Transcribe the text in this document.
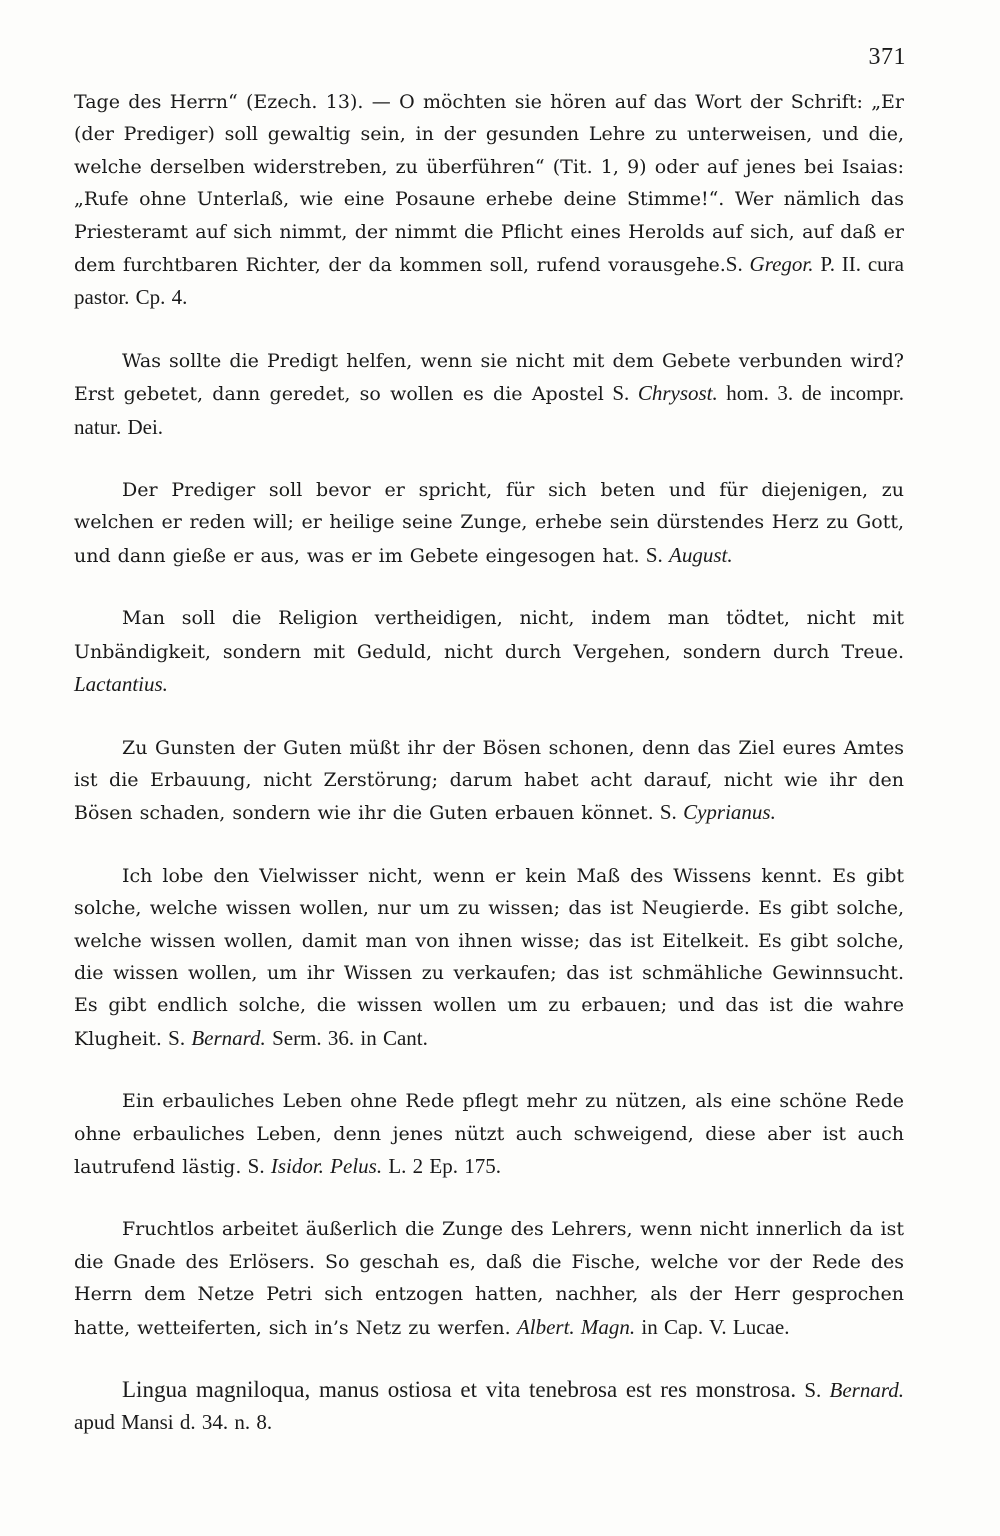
371

Tage des Herrn“ (Ezech. 13). — O möchten sie hören auf das Wort der Schrift: „Er (der Prediger) soll gewaltig sein, in der gesunden Lehre zu unterweisen, und die, welche derselben widerstreben, zu überführen“ (Tit. 1, 9) oder auf jenes bei Isaias: „Rufe ohne Unterlaß, wie eine Posaune erhebe deine Stimme!“. Wer nämlich das Priesteramt auf sich nimmt, der nimmt die Pflicht eines Herolds auf sich, auf daß er dem furchtbaren Richter, der da kommen soll, rufend vorausgehe.S. Gregor. P. II. cura pastor. Cp. 4.

Was sollte die Predigt helfen, wenn sie nicht mit dem Gebete verbunden wird? Erst gebetet, dann geredet, so wollen es die Apostel S. Chrysost. hom. 3. de incompr. natur. Dei.

Der Prediger soll bevor er spricht, für sich beten und für diejenigen, zu welchen er reden will; er heilige seine Zunge, erhebe sein dürstendes Herz zu Gott, und dann gieße er aus, was er im Gebete eingesogen hat. S. August.

Man soll die Religion vertheidigen, nicht, indem man tödtet, nicht mit Unbändigkeit, sondern mit Geduld, nicht durch Vergehen, sondern durch Treue. Lactantius.

Zu Gunsten der Guten müßt ihr der Bösen schonen, denn das Ziel eures Amtes ist die Erbauung, nicht Zerstörung; darum habet acht darauf, nicht wie ihr den Bösen schaden, sondern wie ihr die Guten erbauen könnet. S. Cyprianus.

Ich lobe den Vielwisser nicht, wenn er kein Maß des Wissens kennt. Es gibt solche, welche wissen wollen, nur um zu wissen; das ist Neugierde. Es gibt solche, welche wissen wollen, damit man von ihnen wisse; das ist Eitelkeit. Es gibt solche, die wissen wollen, um ihr Wissen zu verkaufen; das ist schmähliche Gewinnsucht. Es gibt endlich solche, die wissen wollen um zu erbauen; und das ist die wahre Klugheit. S. Bernard. Serm. 36. in Cant.

Ein erbauliches Leben ohne Rede pflegt mehr zu nützen, als eine schöne Rede ohne erbauliches Leben, denn jenes nützt auch schweigend, diese aber ist auch lautrufend lästig. S. Isidor. Pelus. L. 2 Ep. 175.

Fruchtlos arbeitet äußerlich die Zunge des Lehrers, wenn nicht innerlich da ist die Gnade des Erlösers. So geschah es, daß die Fische, welche vor der Rede des Herrn dem Netze Petri sich entzogen hatten, nachher, als der Herr gesprochen hatte, wetteiferten, sich in’s Netz zu werfen. Albert. Magn. in Cap. V. Lucae.

Lingua magniloqua, manus ostiosa et vita tenebrosa est res monstrosa. S. Bernard. apud Mansi d. 34. n. 8.
